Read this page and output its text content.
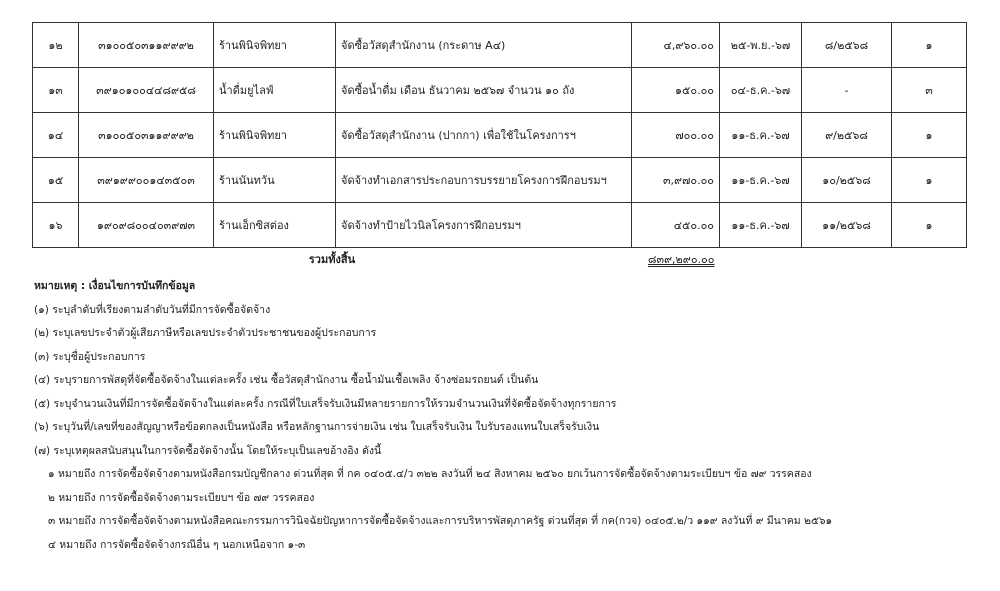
๑๒	๓๑๐๐๕๐๓๑๑๙๙๙๒	ร้านพินิจพิทยา	จัดซื้อวัสดุสำนักงาน (กระดาษ A๔)	๔,๙๖๐.๐๐	๒๕-พ.ย.-๖๗	๘/๒๕๖๘	๑
๑๓	๓๙๑๐๑๐๐๔๔๘๙๕๘	น้ำดื่มยูไลฟ์	จัดซื้อน้ำดื่ม เดือน ธันวาคม ๒๕๖๗ จำนวน ๑๐ ถัง	๑๕๐.๐๐	๐๔-ธ.ค.-๖๗	-	๓
๑๔	๓๑๐๐๕๐๓๑๑๙๙๙๒	ร้านพินิจพิทยา	จัดซื้อวัสดุสำนักงาน (ปากกา) เพื่อใช้ในโครงการฯ	๗๐๐.๐๐	๑๑-ธ.ค.-๖๗	๙/๒๕๖๘	๑
๑๕	๓๙๑๙๙๐๐๑๔๓๕๐๓	ร้านนันทวัน	จัดจ้างทำเอกสารประกอบการบรรยายโครงการฝึกอบรมฯ	๓,๙๗๐.๐๐	๑๑-ธ.ค.-๖๗	๑๐/๒๕๖๘	๑
๑๖	๑๙๐๙๘๐๐๔๐๓๙๗๓	ร้านเอ็กซิสต่อง	จัดจ้างทำป้ายไวนิลโครงการฝึกอบรมฯ	๔๕๐.๐๐	๑๑-ธ.ค.-๖๗	๑๑/๒๕๖๘	๑
รวมทั้งสิ้น				๘๓๙,๒๙๐.๐๐			
หมายเหตุ : เงื่อนไขการบันทึกข้อมูล
(๑) ระบุลำดับที่เรียงตามลำดับวันที่มีการจัดซื้อจัดจ้าง
(๒) ระบุเลขประจำตัวผู้เสียภาษีหรือเลขประจำตัวประชาชนของผู้ประกอบการ
(๓) ระบุชื่อผู้ประกอบการ
(๔) ระบุรายการพัสดุที่จัดซื้อจัดจ้างในแต่ละครั้ง เช่น ซื้อวัสดุสำนักงาน ซื้อน้ำมันเชื้อเพลิง จ้างซ่อมรถยนต์ เป็นต้น
(๕) ระบุจำนวนเงินที่มีการจัดซื้อจัดจ้างในแต่ละครั้ง กรณีที่ใบเสร็จรับเงินมีหลายรายการให้รวมจำนวนเงินที่จัดซื้อจัดจ้างทุกรายการ
(๖) ระบุวันที่/เลขที่ของสัญญาหรือข้อตกลงเป็นหนังสือ หรือหลักฐานการจ่ายเงิน เช่น ใบเสร็จรับเงิน ใบรับรองแทนใบเสร็จรับเงิน
(๗) ระบุเหตุผลสนับสนุนในการจัดซื้อจัดจ้างนั้น โดยให้ระบุเป็นเลขอ้างอิง ดังนี้
๑ หมายถึง การจัดซื้อจัดจ้างตามหนังสือกรมบัญชีกลาง ด่วนที่สุด ที่ กค ๐๔๐๕.๔/ว ๓๒๒ ลงวันที่ ๒๔ สิงหาคม ๒๕๖๐ ยกเว้นการจัดซื้อจัดจ้างตามระเบียบฯ ข้อ ๗๙ วรรคสอง
๒ หมายถึง การจัดซื้อจัดจ้างตามระเบียบฯ ข้อ ๗๙ วรรคสอง
๓ หมายถึง การจัดซื้อจัดจ้างตามหนังสือคณะกรรมการวินิจฉัยปัญหาการจัดซื้อจัดจ้างและการบริหารพัสดุภาครัฐ ด่วนที่สุด ที่ กค(กวจ) ๐๔๐๕.๒/ว ๑๑๙ ลงวันที่ ๙ มีนาคม ๒๕๖๑
๔ หมายถึง การจัดซื้อจัดจ้างกรณีอื่น ๆ นอกเหนือจาก ๑-๓
